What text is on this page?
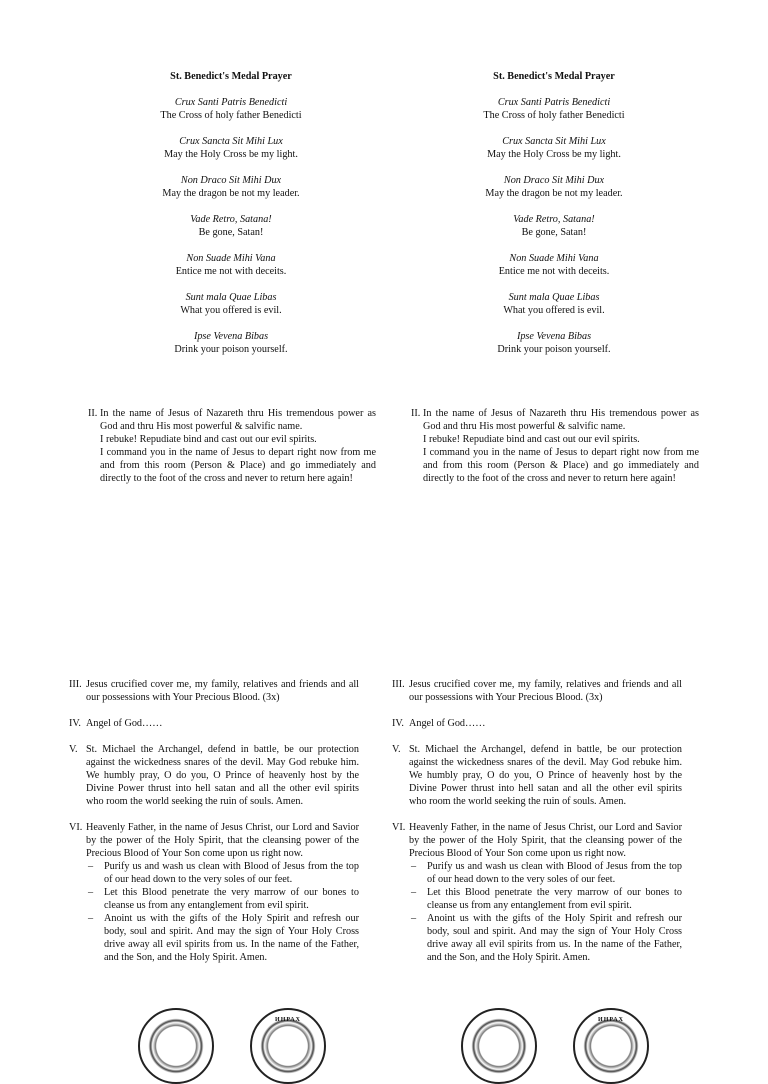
St. Benedict's Medal Prayer
Crux Santi Patris Benedicti
The Cross of holy father Benedicti
Crux Sancta Sit Mihi Lux
May the Holy Cross be my light.
Non Draco Sit Mihi Dux
May the dragon be not my leader.
Vade Retro, Satana!
Be gone, Satan!
Non Suade Mihi Vana
Entice me not with deceits.
Sunt mala Quae Libas
What you offered is evil.
Ipse Vevena Bibas
Drink your poison yourself.
II. In the name of Jesus of Nazareth thru His tremendous power as God and thru His most powerful & salvific name.

I rebuke! Repudiate bind and cast out our evil spirits.

I command you in the name of Jesus to depart right now from me and from this room (Person & Place) and go immediately and directly to the foot of the cross and never to return here again!

III. Jesus crucified cover me, my family, relatives and friends and all our possessions with Your Precious Blood. (3x)
IV. Angel of God……
V. St. Michael the Archangel, defend in battle, be our protection against the wickedness snares of the devil. May God rebuke him. We humbly pray, O do you, O Prince of heavenly host by the Divine Power thrust into hell satan and all the other evil spirits who room the world seeking the ruin of souls. Amen.
VI. Heavenly Father, in the name of Jesus Christ, our Lord and Savior by the power of the Holy Spirit, that the cleansing power of the Precious Blood of Your Son come upon us right now.
– Purify us and wash us clean with Blood of Jesus from the top of our head down to the very soles of our feet.
– Let this Blood penetrate the very marrow of our bones to cleanse us from any entanglement from evil spirit.
– Anoint us with the gifts of the Holy Spirit and refresh our body, soul and spirit. And may the sign of Your Holy Cross drive away all evil spirits from us. In the name of the Father, and the Son, and the Holy Spirit. Amen.
ИНРАХ
St. Benedict's Medal Prayer
Crux Santi Patris Benedicti
The Cross of holy father Benedicti
Crux Sancta Sit Mihi Lux
May the Holy Cross be my light.
Non Draco Sit Mihi Dux
May the dragon be not my leader.
Vade Retro, Satana!
Be gone, Satan!
Non Suade Mihi Vana
Entice me not with deceits.
Sunt mala Quae Libas
What you offered is evil.
Ipse Vevena Bibas
Drink your poison yourself.
II. In the name of Jesus of Nazareth thru His tremendous power as God and thru His most powerful & salvific name.

I rebuke! Repudiate bind and cast out our evil spirits.

I command you in the name of Jesus to depart right now from me and from this room (Person & Place) and go immediately and directly to the foot of the cross and never to return here again!

III. Jesus crucified cover me, my family, relatives and friends and all our possessions with Your Precious Blood. (3x)
IV. Angel of God……
V. St. Michael the Archangel, defend in battle, be our protection against the wickedness snares of the devil. May God rebuke him. We humbly pray, O do you, O Prince of heavenly host by the Divine Power thrust into hell satan and all the other evil spirits who room the world seeking the ruin of souls. Amen.
VI. Heavenly Father, in the name of Jesus Christ, our Lord and Savior by the power of the Holy Spirit, that the cleansing power of the Precious Blood of Your Son come upon us right now.
– Purify us and wash us clean with Blood of Jesus from the top of our head down to the very soles of our feet.
– Let this Blood penetrate the very marrow of our bones to cleanse us from any entanglement from evil spirit.
– Anoint us with the gifts of the Holy Spirit and refresh our body, soul and spirit. And may the sign of Your Holy Cross drive away all evil spirits from us. In the name of the Father, and the Son, and the Holy Spirit. Amen.
ИНРАХ
